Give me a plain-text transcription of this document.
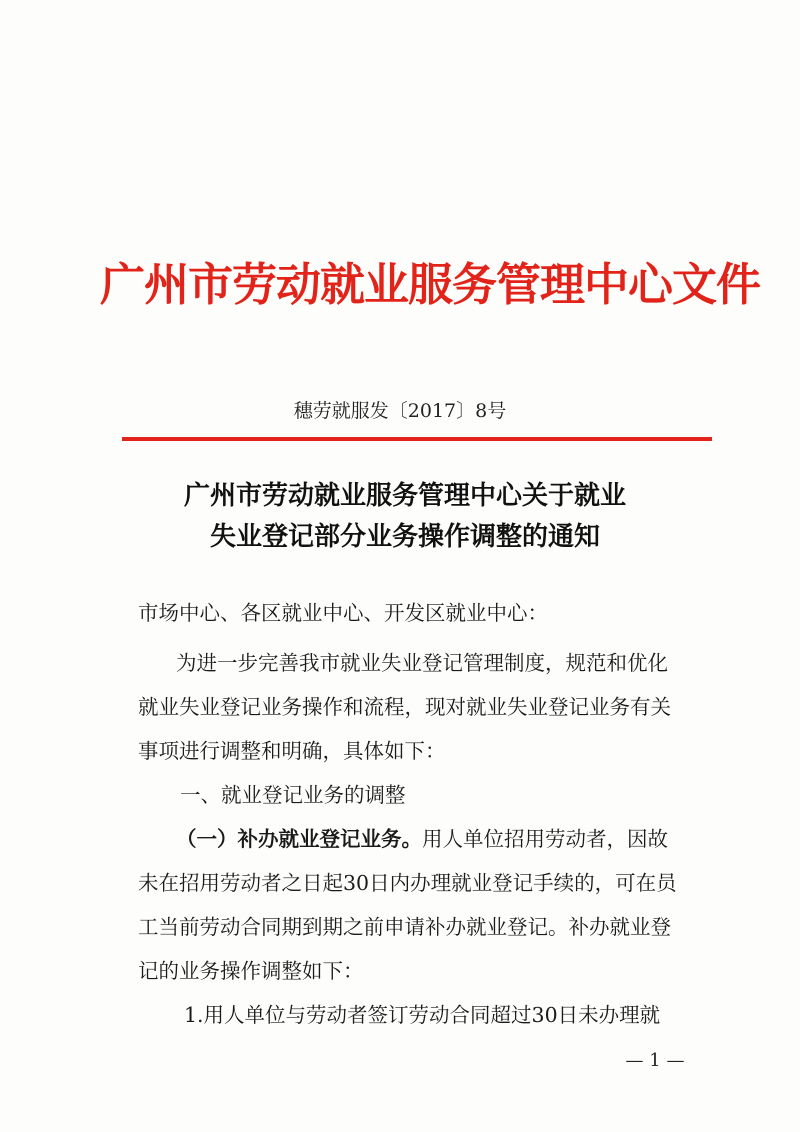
广州市劳动就业服务管理中心文件
穗劳就服发〔2017〕8号
广州市劳动就业服务管理中心关于就业
失业登记部分业务操作调整的通知
市场中心、各区就业中心、开发区就业中心：
为进一步完善我市就业失业登记管理制度，规范和优化
就业失业登记业务操作和流程，现对就业失业登记业务有关
事项进行调整和明确，具体如下：
一、就业登记业务的调整
（一）补办就业登记业务。用人单位招用劳动者，因故
未在招用劳动者之日起30日内办理就业登记手续的，可在员
工当前劳动合同期到期之前申请补办就业登记。补办就业登
记的业务操作调整如下：
1.用人单位与劳动者签订劳动合同超过30日未办理就
— 1 —
